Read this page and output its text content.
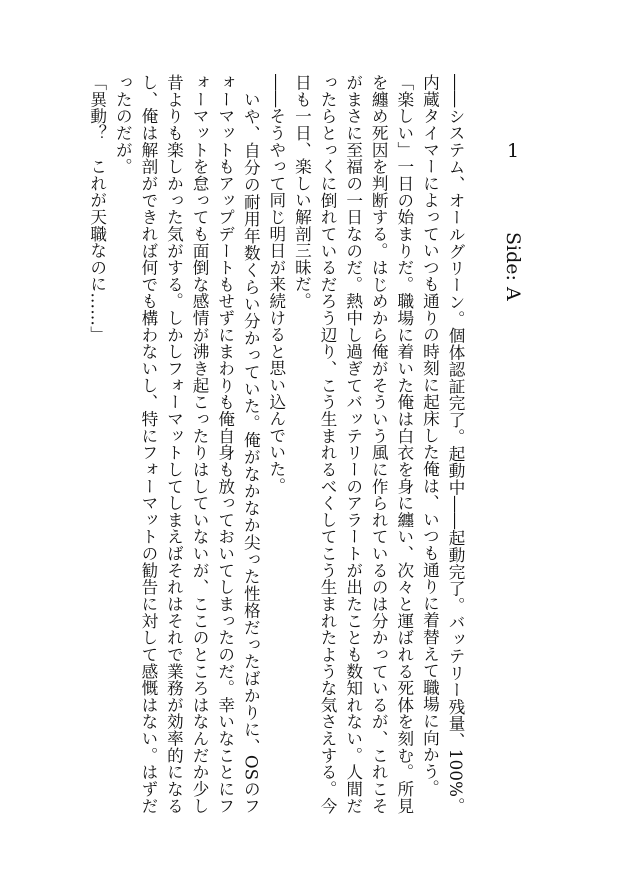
1 Side: A

――システム、オールグリーン。個体認証完了。起動中――起動完了。バッテリー残量、100%。内蔵タイマーによっていつも通りの時刻に起床した俺は、いつも通りに着替えて職場に向かう。

「楽しい」一日の始まりだ。職場に着いた俺は白衣を身に纏い、次々と運ばれる死体を刻む。所見を纏め死因を判断する。はじめから俺がそういう風に作られているのは分かっているが、これこそがまさに至福の一日なのだ。熱中し過ぎてバッテリーのアラートが出たことも数知れない。人間だったらとっくに倒れているだろう辺り、こう生まれるべくしてこう生まれたような気さえする。今日も一日、楽しい解剖三昧だ。

――そうやって同じ明日が来続けると思い込んでいた。

いや、自分の耐用年数くらい分かっていた。俺がなかなか尖った性格だったばかりに、OSのフォーマットもアップデートもせずにまわりも俺自身も放っておいてしまったのだ。幸いなことにフォーマットを怠っても面倒な感情が沸き起こったりはしていないが、ここのところはなんだか少し昔よりも楽しかった気がする。しかしフォーマットしてしまえばそれはそれで業務が効率的になるし、俺は解剖ができれば何でも構わないし、特にフォーマットの勧告に対して感慨はない。はずだったのだが。

「異動？　これが天職なのに……」
